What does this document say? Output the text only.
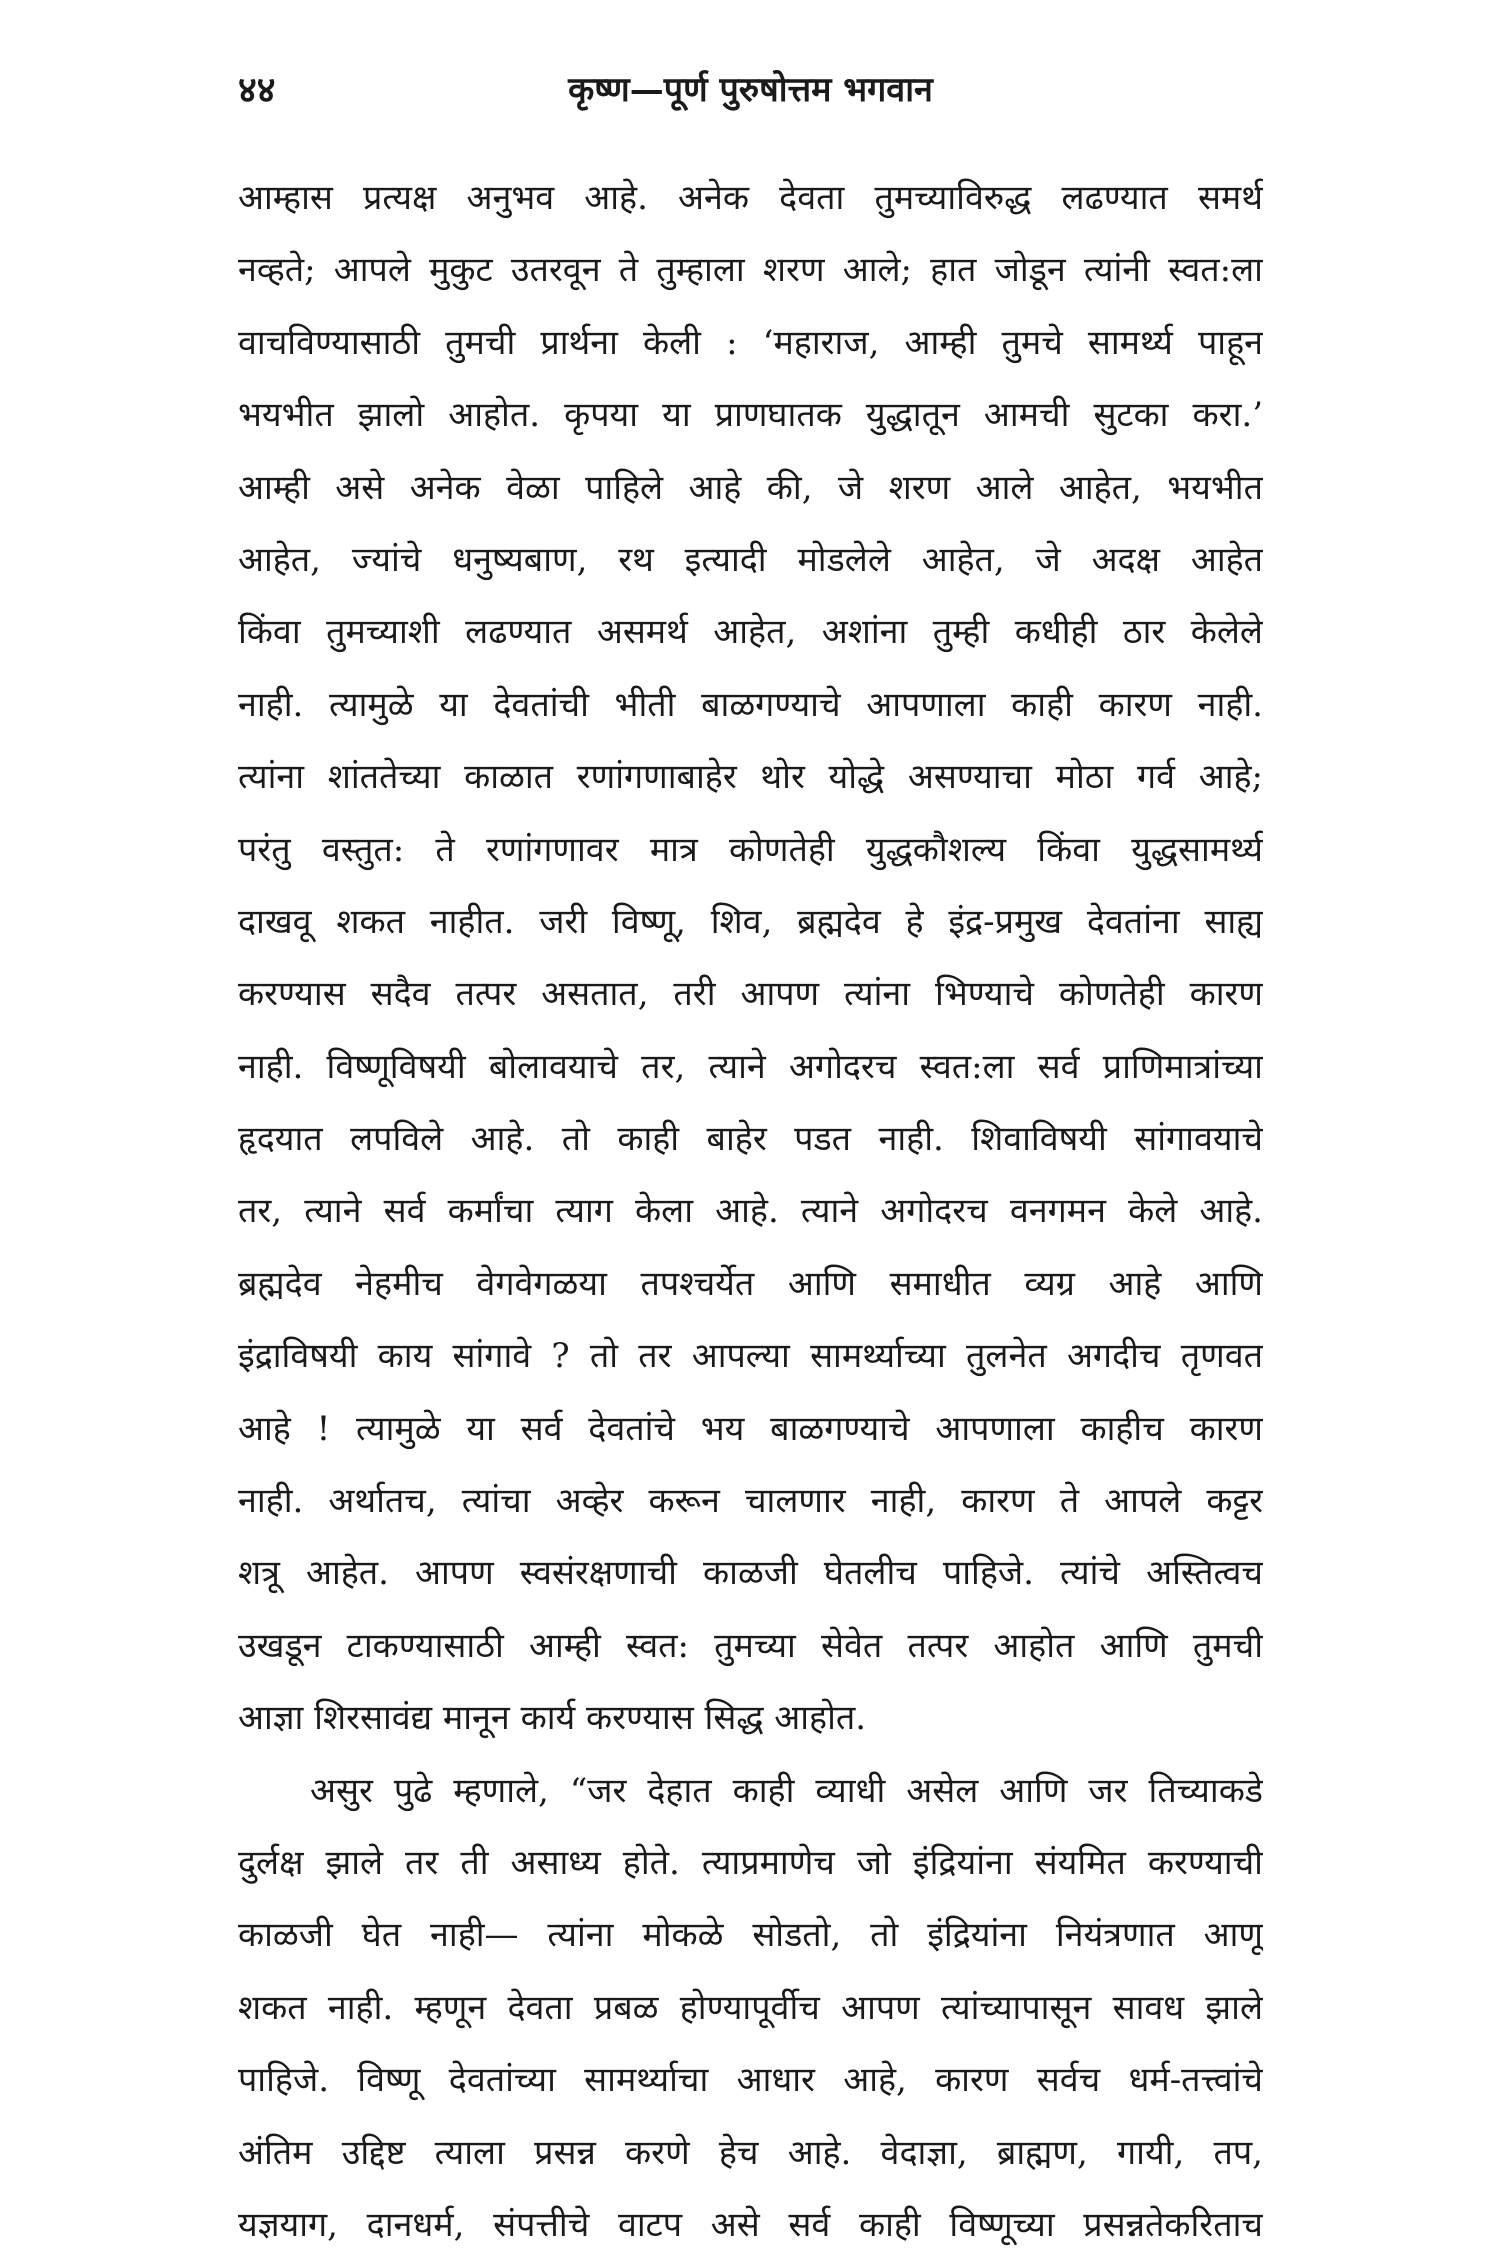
४४	कृष्ण—पूर्ण पुरुषोत्तम भगवान
आम्हास प्रत्यक्ष अनुभव आहे. अनेक देवता तुमच्याविरुद्ध लढण्यात समर्थ
नव्हते; आपले मुकुट उतरवून ते तुम्हाला शरण आले; हात जोडून त्यांनी स्वत:ला
वाचविण्यासाठी तुमची प्रार्थना केली : ‘महाराज, आम्ही तुमचे सामर्थ्य पाहून
भयभीत झालो आहोत. कृपया या प्राणघातक युद्धातून आमची सुटका करा.’
आम्ही असे अनेक वेळा पाहिले आहे की, जे शरण आले आहेत, भयभीत
आहेत, ज्यांचे धनुष्यबाण, रथ इत्यादी मोडलेले आहेत, जे अदक्ष आहेत
किंवा तुमच्याशी लढण्यात असमर्थ आहेत, अशांना तुम्ही कधीही ठार केलेले
नाही. त्यामुळे या देवतांची भीती बाळगण्याचे आपणाला काही कारण नाही.
त्यांना शांततेच्या काळात रणांगणाबाहेर थोर योद्धे असण्याचा मोठा गर्व आहे;
परंतु वस्तुत: ते रणांगणावर मात्र कोणतेही युद्धकौशल्य किंवा युद्धसामर्थ्य
दाखवू शकत नाहीत. जरी विष्णू, शिव, ब्रह्मदेव हे इंद्र-प्रमुख देवतांना साह्य
करण्यास सदैव तत्पर असतात, तरी आपण त्यांना भिण्याचे कोणतेही कारण
नाही. विष्णूविषयी बोलावयाचे तर, त्याने अगोदरच स्वत:ला सर्व प्राणिमात्रांच्या
हृदयात लपविले आहे. तो काही बाहेर पडत नाही. शिवाविषयी सांगावयाचे
तर, त्याने सर्व कर्मांचा त्याग केला आहे. त्याने अगोदरच वनगमन केले आहे.
ब्रह्मदेव नेहमीच वेगवेगळया तपश्चर्येत आणि समाधीत व्यग्र आहे आणि
इंद्राविषयी काय सांगावे ? तो तर आपल्या सामर्थ्याच्या तुलनेत अगदीच तृणवत
आहे ! त्यामुळे या सर्व देवतांचे भय बाळगण्याचे आपणाला काहीच कारण
नाही. अर्थातच, त्यांचा अव्हेर करून चालणार नाही, कारण ते आपले कट्टर
शत्रू आहेत. आपण स्वसंरक्षणाची काळजी घेतलीच पाहिजे. त्यांचे अस्तित्वच
उखडून टाकण्यासाठी आम्ही स्वत: तुमच्या सेवेत तत्पर आहोत आणि तुमची
आज्ञा शिरसावंद्य मानून कार्य करण्यास सिद्ध आहोत.
असुर पुढे म्हणाले, “जर देहात काही व्याधी असेल आणि जर तिच्याकडे
दुर्लक्ष झाले तर ती असाध्य होते. त्याप्रमाणेच जो इंद्रियांना संयमित करण्याची
काळजी घेत नाही— त्यांना मोकळे सोडतो, तो इंद्रियांना नियंत्रणात आणू
शकत नाही. म्हणून देवता प्रबळ होण्यापूर्वीच आपण त्यांच्यापासून सावध झाले
पाहिजे. विष्णू देवतांच्या सामर्थ्याचा आधार आहे, कारण सर्वच धर्म-तत्त्वांचे
अंतिम उद्दिष्ट त्याला प्रसन्न करणे हेच आहे. वेदाज्ञा, ब्राह्मण, गायी, तप,
यज्ञयाग, दानधर्म, संपत्तीचे वाटप असे सर्व काही विष्णूच्या प्रसन्नतेकरिताच
